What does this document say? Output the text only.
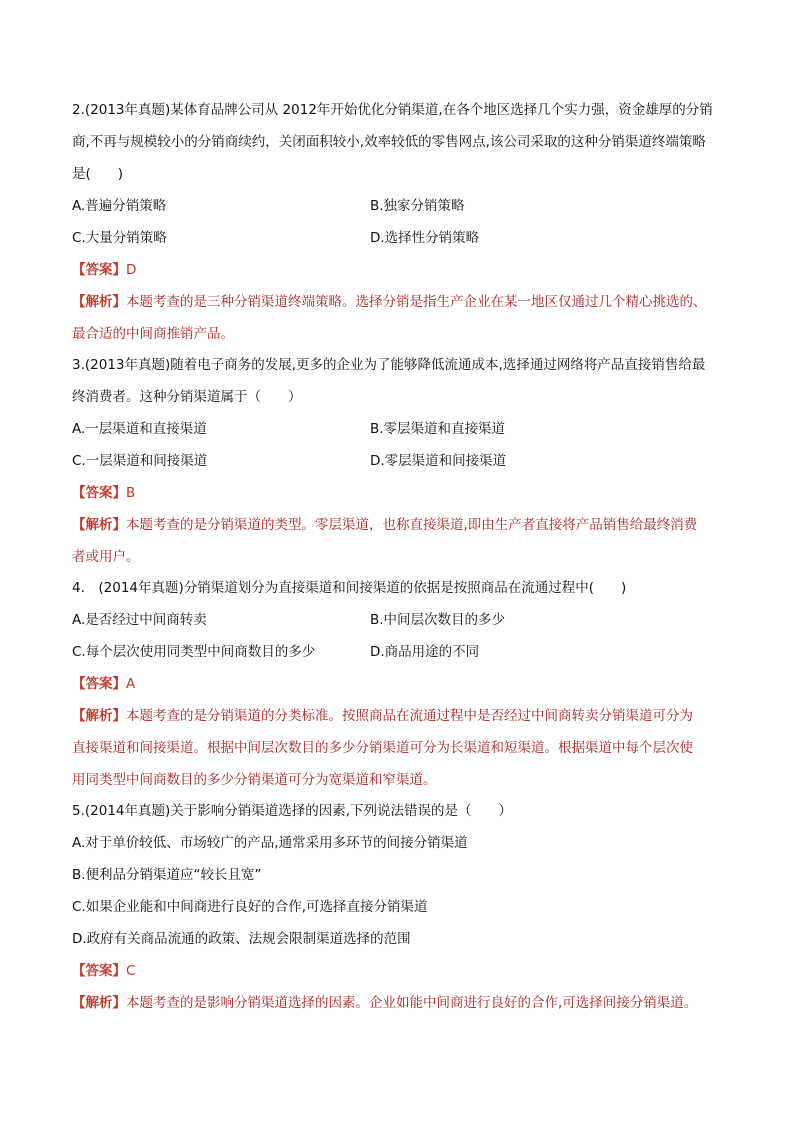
2.(2013年真题)某体育品牌公司从 2012年开始优化分销渠道,在各个地区选择几个实力强，资金雄厚的分销

商,不再与规模较小的分销商续约，关闭面积较小,效率较低的零售网点,该公司采取的这种分销渠道终端策略

是(　　)

A.普遍分销策略	B.独家分销策略
C.大量分销策略	D.选择性分销策略

【答案】D

【解析】本题考查的是三种分销渠道终端策略。选择分销是指生产企业在某一地区仅通过几个精心挑选的、

最合适的中间商推销产品。

3.(2013年真题)随着电子商务的发展,更多的企业为了能够降低流通成本,选择通过网络将产品直接销售给最

终消费者。这种分销渠道属于（　　）

A.一层渠道和直接渠道	B.零层渠道和直接渠道
C.一层渠道和间接渠道	D.零层渠道和间接渠道

【答案】B

【解析】本题考查的是分销渠道的类型。零层渠道，也称直接渠道,即由生产者直接将产品销售给最终消费

者或用户。

4.　(2014年真题)分销渠道划分为直接渠道和间接渠道的依据是按照商品在流通过程中(　　)

A.是否经过中间商转卖	B.中间层次数目的多少
C.每个层次使用同类型中间商数目的多少	D.商品用途的不同

【答案】A

【解析】本题考查的是分销渠道的分类标准。按照商品在流通过程中是否经过中间商转卖分销渠道可分为

直接渠道和间接渠道。根据中间层次数目的多少分销渠道可分为长渠道和短渠道。根据渠道中每个层次使

用同类型中间商数目的多少分销渠道可分为宽渠道和窄渠道。

5.(2014年真题)关于影响分销渠道选择的因素,下列说法错误的是（　　）

A.对于单价较低、市场较广的产品,通常采用多环节的间接分销渠道
B.便利品分销渠道应“较长且宽”
C.如果企业能和中间商进行良好的合作,可选择直接分销渠道
D.政府有关商品流通的政策、法规会限制渠道选择的范围

【答案】C

【解析】本题考查的是影响分销渠道选择的因素。企业如能中间商进行良好的合作,可选择间接分销渠道。
